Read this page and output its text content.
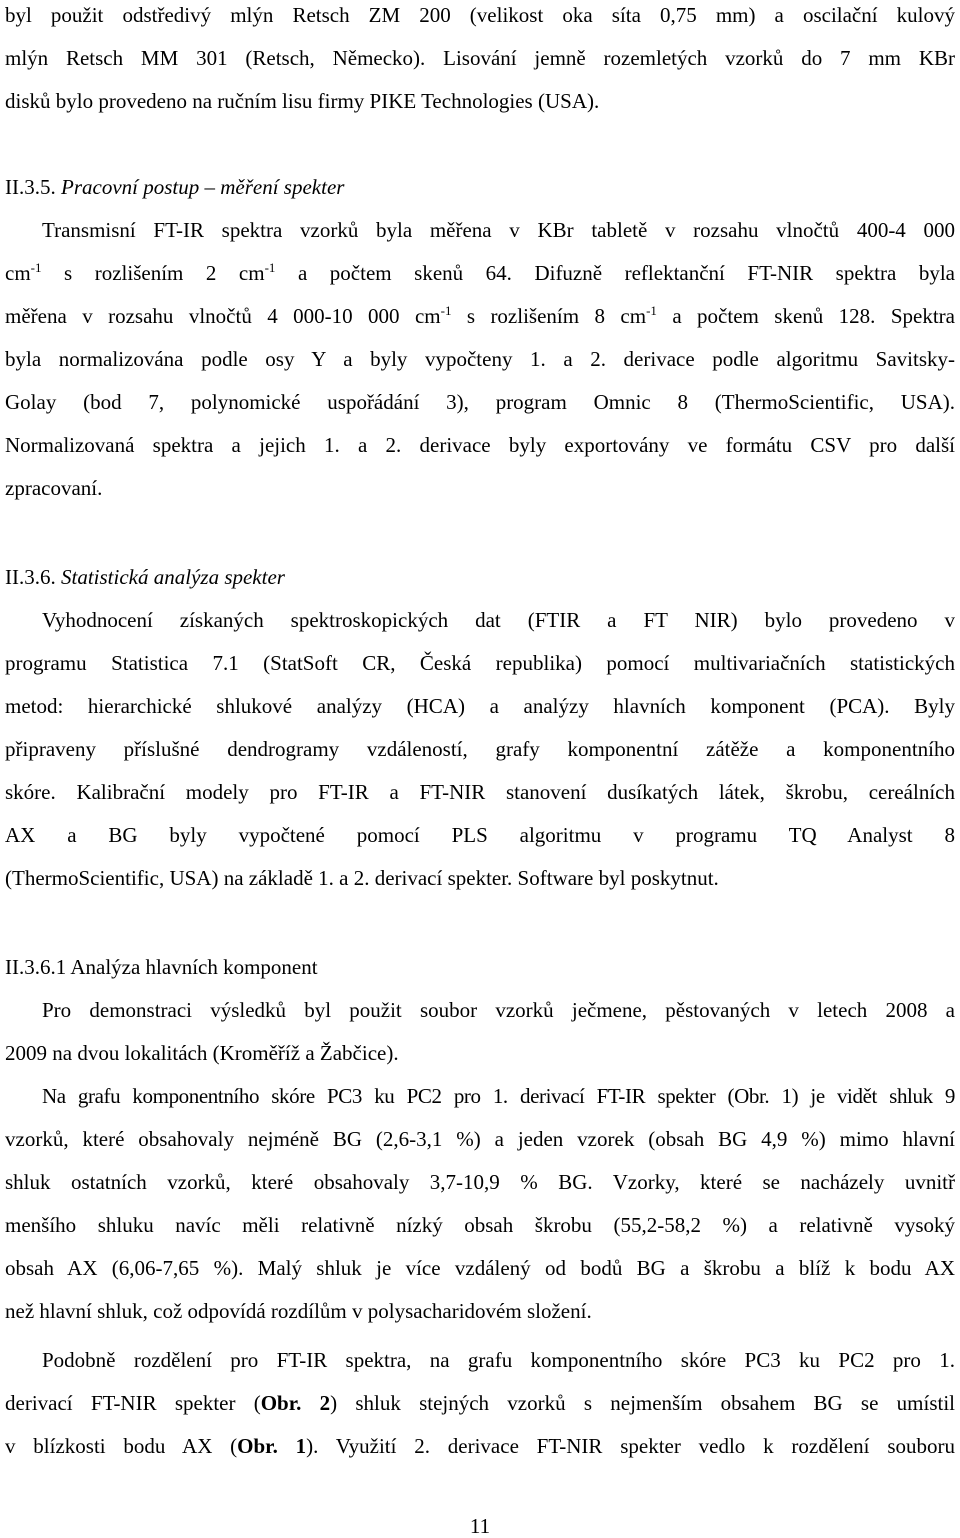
byl použit odstředivý mlýn Retsch ZM 200 (velikost oka síta 0,75 mm) a oscilační kulový
mlýn Retsch MM 301 (Retsch, Německo). Lisování jemně rozemletých vzorků do 7 mm KBr
disků bylo provedeno na ručním lisu firmy PIKE Technologies (USA).
II.3.5. Pracovní postup – měření spekter
Transmisní FT-IR spektra vzorků byla měřena v KBr tabletě v rozsahu vlnočtů 400-4 000
$cm^{-1}$ s rozlišením 2 $cm^{-1}$ a počtem skenů 64. Difuzně reflektanční FT-NIR spektra byla
měřena v rozsahu vlnočtů 4 000-10 000 $cm^{-1}$ s rozlišením 8 $cm^{-1}$ a počtem skenů 128. Spektra
byla normalizována podle osy Y a byly vypočteny 1. a 2. derivace podle algoritmu Savitsky-
Golay (bod 7, polynomické uspořádání 3), program Omnic 8 (ThermoScientific, USA).
Normalizovaná spektra a jejich 1. a 2. derivace byly exportovány ve formátu CSV pro další
zpracovaní.
II.3.6. Statistická analýza spekter
Vyhodnocení získaných spektroskopických dat (FTIR a FT NIR) bylo provedeno v
programu Statistica 7.1 (StatSoft CR, Česká republika) pomocí multivariačních statistických
metod: hierarchické shlukové analýzy (HCA) a analýzy hlavních komponent (PCA). Byly
připraveny příslušné dendrogramy vzdáleností, grafy komponentní zátěže a komponentního
skóre. Kalibrační modely pro FT-IR a FT-NIR stanovení dusíkatých látek, škrobu, cereálních
AX a BG byly vypočtené pomocí PLS algoritmu v programu TQ Analyst 8
(ThermoScientific, USA) na základě 1. a 2. derivací spekter. Software byl poskytnut.
II.3.6.1 Analýza hlavních komponent
Pro demonstraci výsledků byl použit soubor vzorků ječmene, pěstovaných v letech 2008 a
2009 na dvou lokalitách (Kroměříž a Žabčice).
Na grafu komponentního skóre PC3 ku PC2 pro 1. derivací FT-IR spekter (Obr. 1) je vidět shluk 9
vzorků, které obsahovaly nejméně BG (2,6-3,1 %) a jeden vzorek (obsah BG 4,9 %) mimo hlavní
shluk ostatních vzorků, které obsahovaly 3,7-10,9 % BG. Vzorky, které se nacházely uvnitř
menšího shluku navíc měli relativně nízký obsah škrobu (55,2-58,2 %) a relativně vysoký
obsah AX (6,06-7,65 %). Malý shluk je více vzdálený od bodů BG a škrobu a blíž k bodu AX
než hlavní shluk, což odpovídá rozdílům v polysacharidovém složení.
Podobně rozdělení pro FT-IR spektra, na grafu komponentního skóre PC3 ku PC2 pro 1.
derivací FT-NIR spekter (Obr. 2) shluk stejných vzorků s nejmenším obsahem BG se umístil
v blízkosti bodu AX (Obr. 1). Využití 2. derivace FT-NIR spekter vedlo k rozdělení souboru
11
